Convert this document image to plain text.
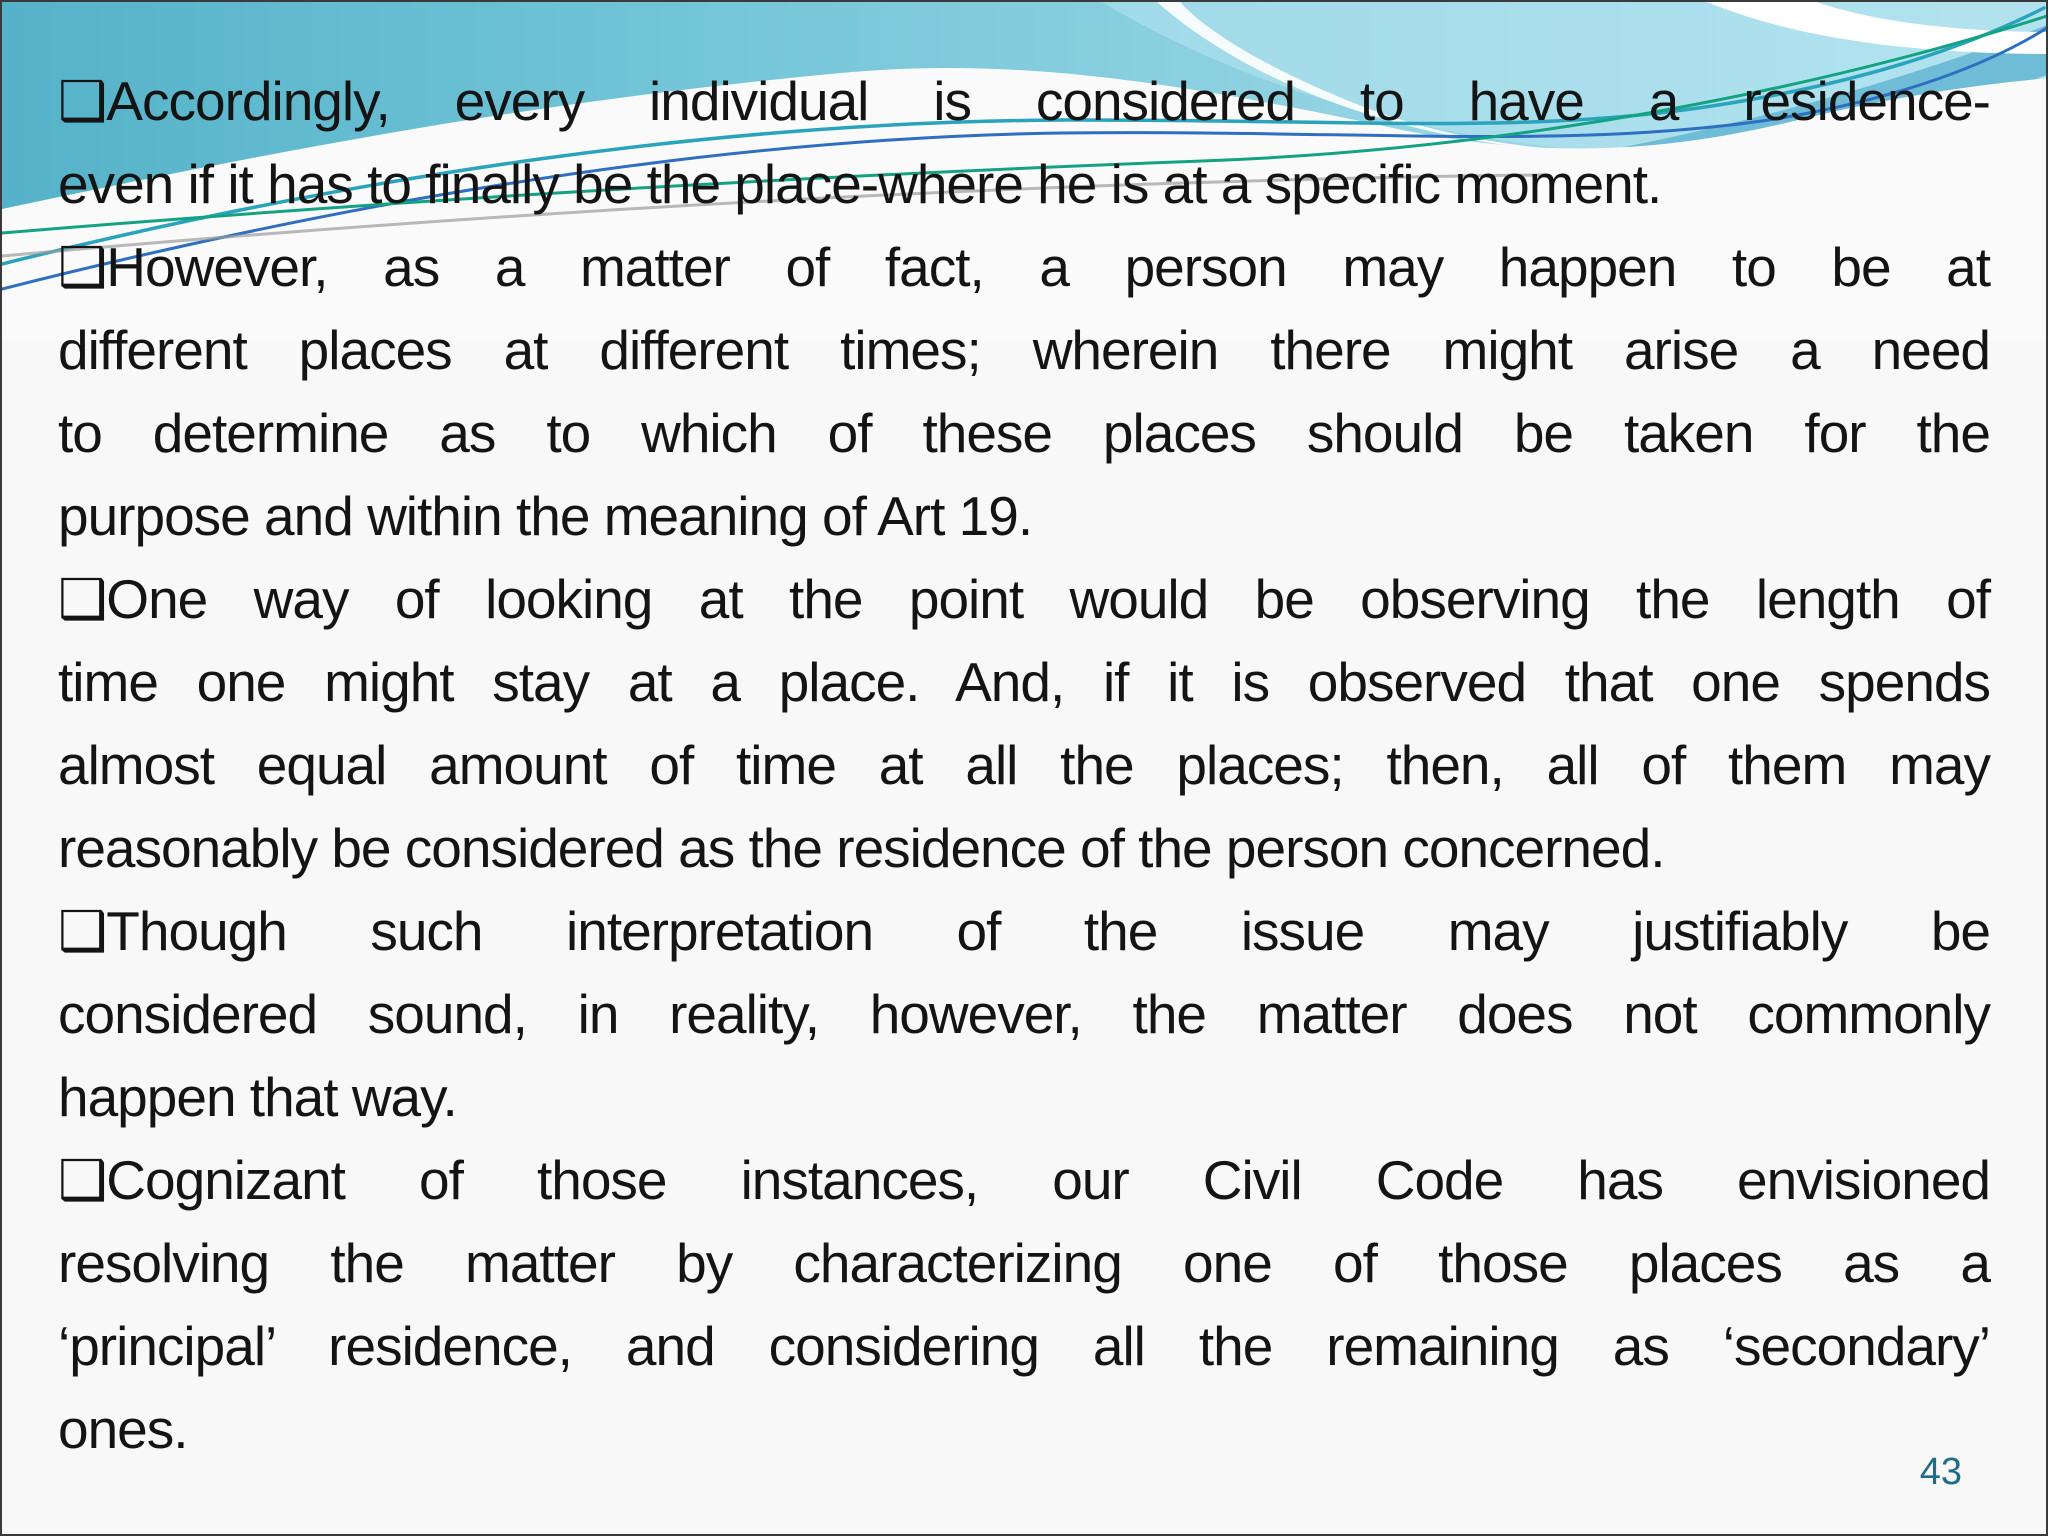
❑Accordingly, every individual is considered to have a residence-
even if it has to finally be the place-where he is at a specific moment.
❑However, as a matter of fact, a person may happen to be at
different places at different times; wherein there might arise a need
to determine as to which of these places should be taken for the
purpose and within the meaning of Art 19.
❑One way of looking at the point would be observing the length of
time one might stay at a place. And, if it is observed that one spends
almost equal amount of time at all the places; then, all of them may
reasonably be considered as the residence of the person concerned.
❑Though such interpretation of the issue may justifiably be
considered sound, in reality, however, the matter does not commonly
happen that way.
❑Cognizant of those instances, our Civil Code has envisioned
resolving the matter by characterizing one of those places as a
‘principal’ residence, and considering all the remaining as ‘secondary’
ones.
43
